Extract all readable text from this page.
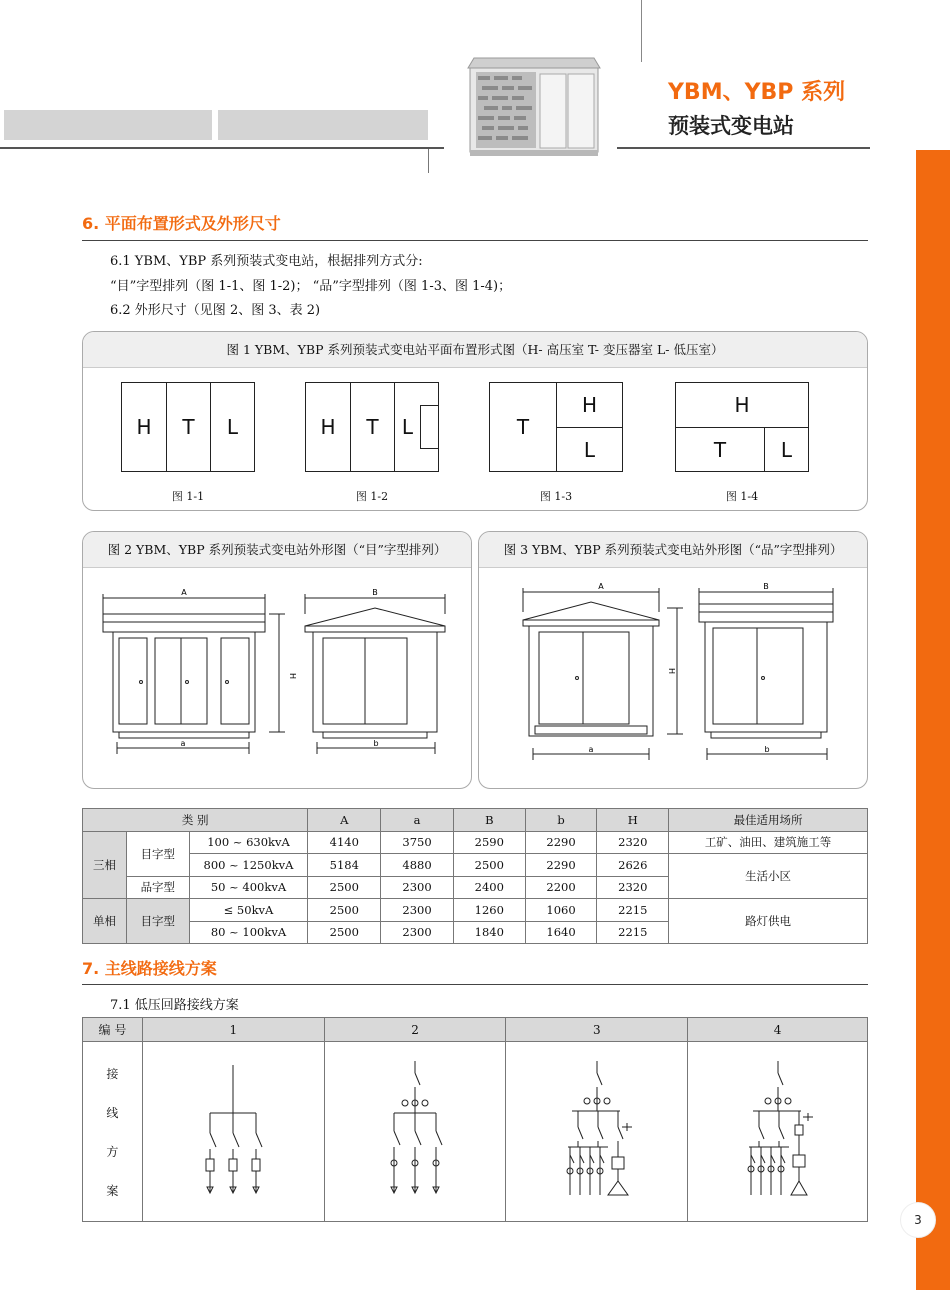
YBM、YBP 系列
预装式变电站
6. 平面布置形式及外形尺寸
6.1 YBM、YBP 系列预装式变电站，根据排列方式分:
“目”字型排列（图 1-1、图 1-2)； “品”字型排列（图 1-3、图 1-4)；
6.2 外形尺寸（见图 2、图 3、表 2)
图 1 YBM、YBP 系列预装式变电站平面布置形式图（H- 高压室 T- 变压器室 L- 低压室）
H	T	L
图 1-1
H	T	L
图 1-2
T
H
L
图 1-3
H
T	L
图 1-4
图 2 YBM、YBP 系列预装式变电站外形图（“目”字型排列）
A
a
H
B
b
图 3 YBM、YBP 系列预装式变电站外形图（“品”字型排列）
A
a
H
B
b
类 别			A	a	B	b	H	最佳适用场所
三相	目字型	100 ~ 630kvA	4140	3750	2590	2290	2320	工矿、油田、建筑施工等
		800 ~ 1250kvA	5184	4880	2500	2290	2626	生活小区
	品字型	50 ~ 400kvA	2500	2300	2400	2200	2320	
单相	目字型	≤ 50kvA	2500	2300	1260	1060	2215	路灯供电
		80 ~ 100kvA	2500	2300	1840	1640	2215	
7. 主线路接线方案
7.1 低压回路接线方案
编 号	1	2	3	4

接
线
方
案

3
